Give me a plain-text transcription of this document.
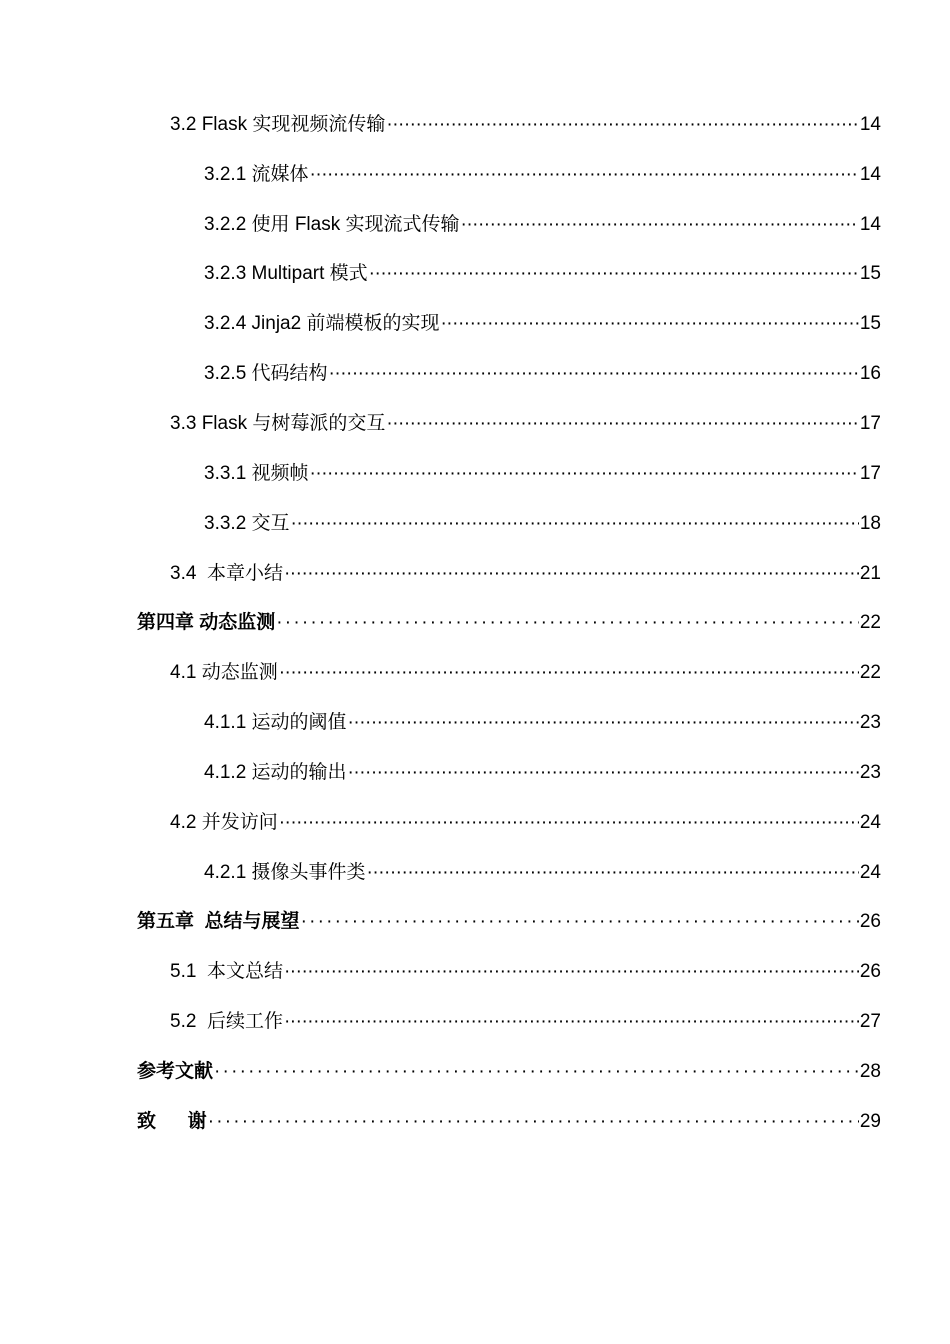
3.2 Flask 实现视频流传输 ·····	14
3.2.1 流媒体 ·····	14
3.2.2 使用 Flask 实现流式传输 ·····	14
3.2.3 Multipart 模式 ·····	15
3.2.4 Jinja2 前端模板的实现 ·····	15
3.2.5 代码结构 ·····	16
3.3 Flask 与树莓派的交互 ·····	17
3.3.1 视频帧 ·····	17
3.3.2 交互 ·····	18
3.4  本章小结 ·····	21
第四章 动态监测 ·····	22
4.1 动态监测 ·····	22
4.1.1 运动的阈值 ·····	23
4.1.2 运动的输出 ·····	23
4.2 并发访问 ·····	24
4.2.1 摄像头事件类 ·····	24
第五章  总结与展望 ·····	26
5.1  本文总结 ·····	26
5.2  后续工作 ·····	27
参考文献 ·····	28
致      谢 ·····	29
